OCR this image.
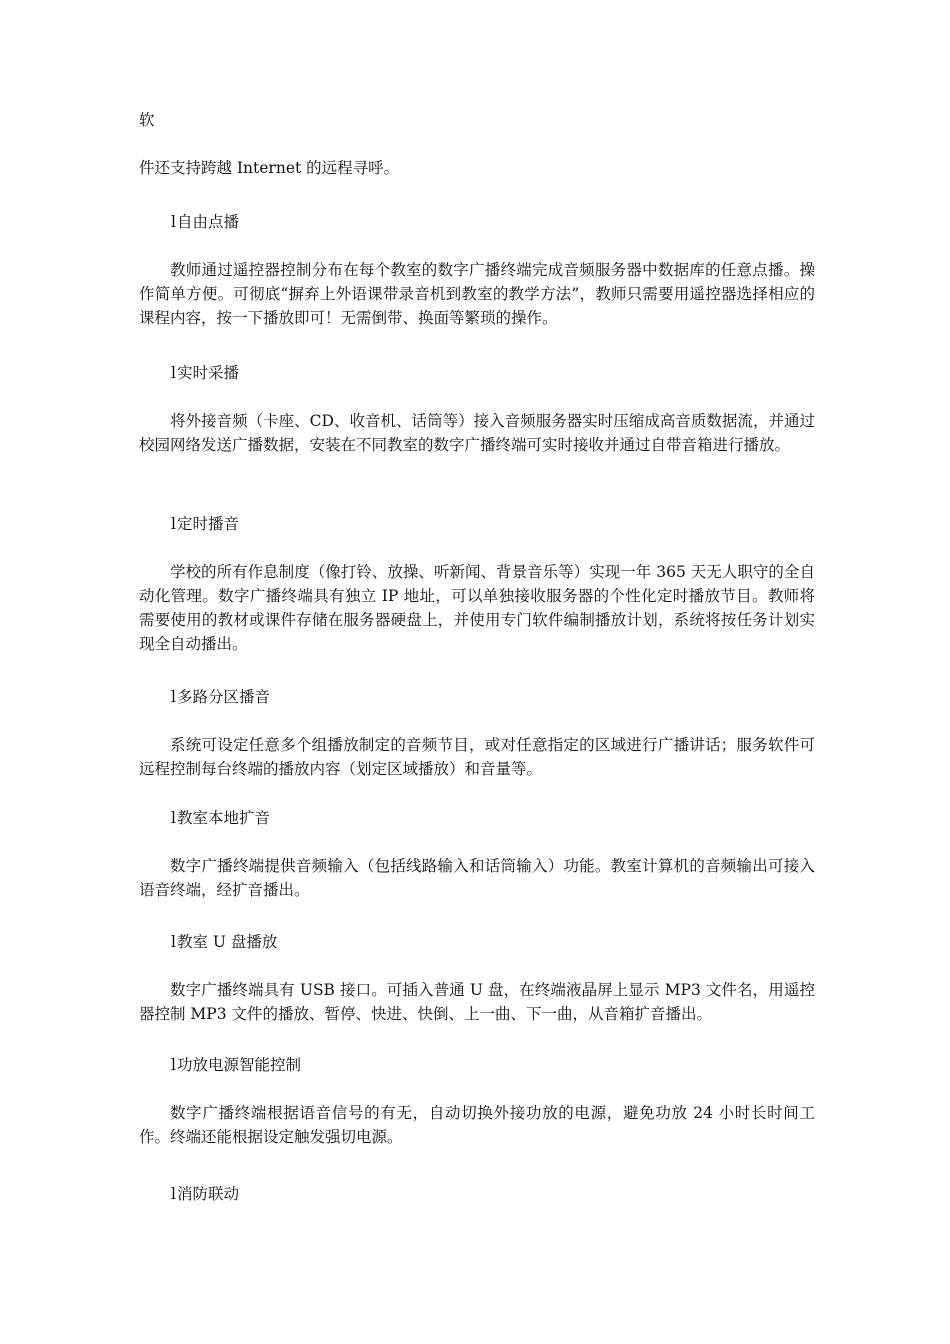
软

件还支持跨越 Internet 的远程寻呼。

l自由点播

教师通过遥控器控制分布在每个教室的数字广播终端完成音频服务器中数据库的任意点播。操作简单方便。可彻底“摒弃上外语课带录音机到教室的教学方法”，教师只需要用遥控器选择相应的课程内容，按一下播放即可！无需倒带、换面等繁琐的操作。

l实时采播

将外接音频（卡座、CD、收音机、话筒等）接入音频服务器实时压缩成高音质数据流，并通过校园网络发送广播数据，安装在不同教室的数字广播终端可实时接收并通过自带音箱进行播放。

l定时播音

学校的所有作息制度（像打铃、放操、听新闻、背景音乐等）实现一年 365 天无人职守的全自动化管理。数字广播终端具有独立 IP 地址，可以单独接收服务器的个性化定时播放节目。教师将需要使用的教材或课件存储在服务器硬盘上，并使用专门软件编制播放计划，系统将按任务计划实现全自动播出。

l多路分区播音

系统可设定任意多个组播放制定的音频节目，或对任意指定的区域进行广播讲话；服务软件可远程控制每台终端的播放内容（划定区域播放）和音量等。

l教室本地扩音

数字广播终端提供音频输入（包括线路输入和话筒输入）功能。教室计算机的音频输出可接入语音终端，经扩音播出。

l教室 U 盘播放

数字广播终端具有 USB 接口。可插入普通 U 盘，在终端液晶屏上显示 MP3 文件名，用遥控器控制 MP3 文件的播放、暂停、快进、快倒、上一曲、下一曲，从音箱扩音播出。

l功放电源智能控制

数字广播终端根据语音信号的有无，自动切换外接功放的电源，避免功放 24 小时长时间工作。终端还能根据设定触发强切电源。

l消防联动
